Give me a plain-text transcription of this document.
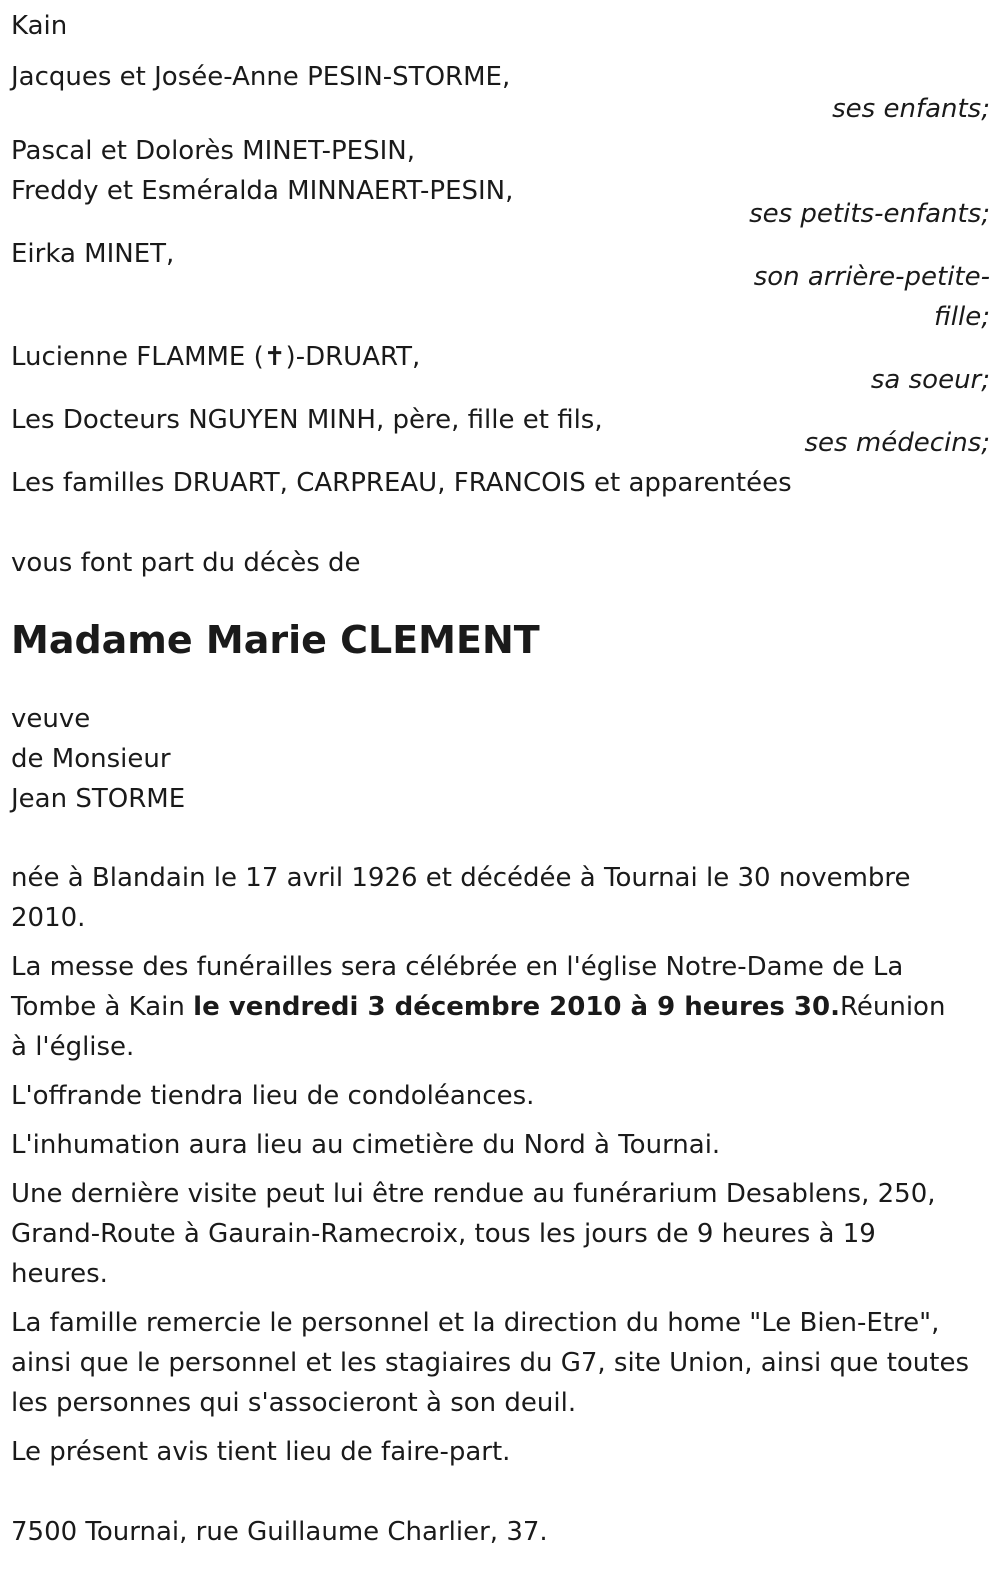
Kain
Jacques et Josée-Anne PESIN-STORME,
ses enfants;
Pascal et Dolorès MINET-PESIN,
Freddy et Esméralda MINNAERT-PESIN,
ses petits-enfants;
Eirka MINET,
son arrière-petite-
fille;
Lucienne FLAMME (✝)-DRUART,
sa soeur;
Les Docteurs NGUYEN MINH, père, fille et fils,
ses médecins;
Les familles DRUART, CARPREAU, FRANCOIS et apparentées
vous font part du décès de
Madame Marie CLEMENT
veuve
de Monsieur
Jean STORME
née à Blandain le 17 avril 1926 et décédée à Tournai le 30 novembre 2010.
La messe des funérailles sera célébrée en l'église Notre-Dame de La Tombe à Kain le vendredi 3 décembre 2010 à 9 heures 30.Réunion à l'église.
L'offrande tiendra lieu de condoléances.
L'inhumation aura lieu au cimetière du Nord à Tournai.
Une dernière visite peut lui être rendue au funérarium Desablens, 250, Grand-Route à Gaurain-Ramecroix, tous les jours de 9 heures à 19 heures.
La famille remercie le personnel et la direction du home "Le Bien-Etre", ainsi que le personnel et les stagiaires du G7, site Union, ainsi que toutes les personnes qui s'associeront à son deuil.
Le présent avis tient lieu de faire-part.
7500 Tournai, rue Guillaume Charlier, 37.
